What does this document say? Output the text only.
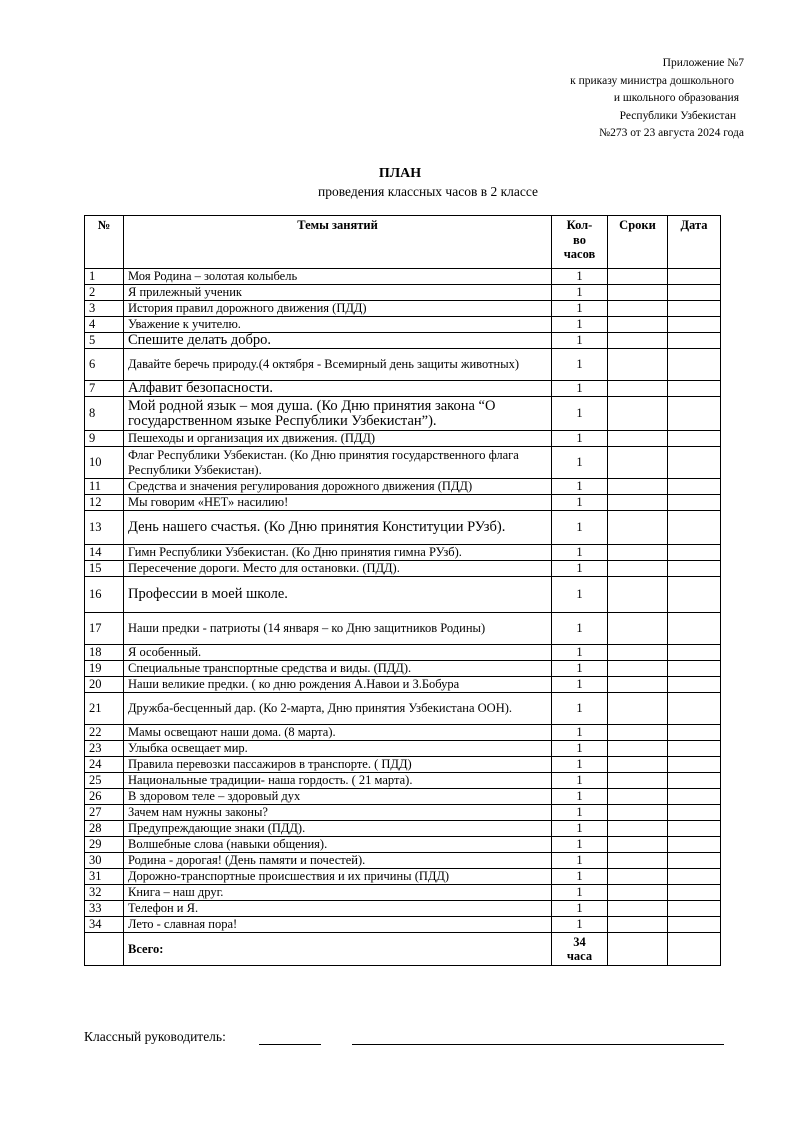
Приложение №7
к приказу министра дошкольного
и школьного образования
Республики Узбекистан
№273 от 23 августа 2024 года
ПЛАН
проведения классных часов в 2 классе
№	Темы занятий	Кол-
во
часов	Сроки	Дата
1	Моя Родина – золотая колыбель	1		
2	Я прилежный ученик	1		
3	История правил дорожного движения (ПДД)	1		
4	Уважение к учителю.	1		
5	Спешите делать добро.	1		
6	Давайте беречь природу.(4 октября - Всемирный день защиты животных)	1		
7	Алфавит безопасности.	1		
8	Мой родной язык – моя душа. (Ко Дню принятия закона “О государственном языке Республики Узбекистан”).	1		
9	Пешеходы и организация их движения. (ПДД)	1		
10	Флаг Республики Узбекистан. (Ко Дню принятия государственного флага Республики Узбекистан).	1		
11	Средства и значения регулирования дорожного движения (ПДД)	1		
12	Мы говорим «НЕТ» насилию!	1		
13	День нашего счастья. (Ко Дню принятия Конституции РУзб).	1		
14	Гимн Республики Узбекистан. (Ко Дню принятия гимна РУзб).	1		
15	Пересечение дороги. Место для остановки. (ПДД).	1		
16	Профессии в моей школе.	1		
17	Наши предки - патриоты (14 января – ко Дню защитников Родины)	1		
18	Я особенный.	1		
19	Специальные транспортные средства и виды. (ПДД).	1		
20	Наши великие предки. ( ко дню рождения А.Навои и З.Бобура	1		
21	Дружба-бесценный дар. (Ко 2-марта, Дню принятия Узбекистана ООН).	1		
22	Мамы освещают наши дома. (8 марта).	1		
23	Улыбка освещает мир.	1		
24	Правила перевозки пассажиров в транспорте. ( ПДД)	1		
25	Национальные традиции- наша гордость. ( 21 марта).	1		
26	В здоровом теле – здоровый дух	1		
27	Зачем нам нужны законы?	1		
28	Предупреждающие знаки (ПДД).	1		
29	Волшебные слова (навыки общения).	1		
30	Родина - дорогая! (День памяти и почестей).	1		
31	Дорожно-транспортные происшествия и их причины (ПДД)	1		
32	Книга – наш друг.	1		
33	Телефон и Я.	1		
34	Лето - славная пора!	1		
	Всего:	34
часа		

Классный руководитель:
